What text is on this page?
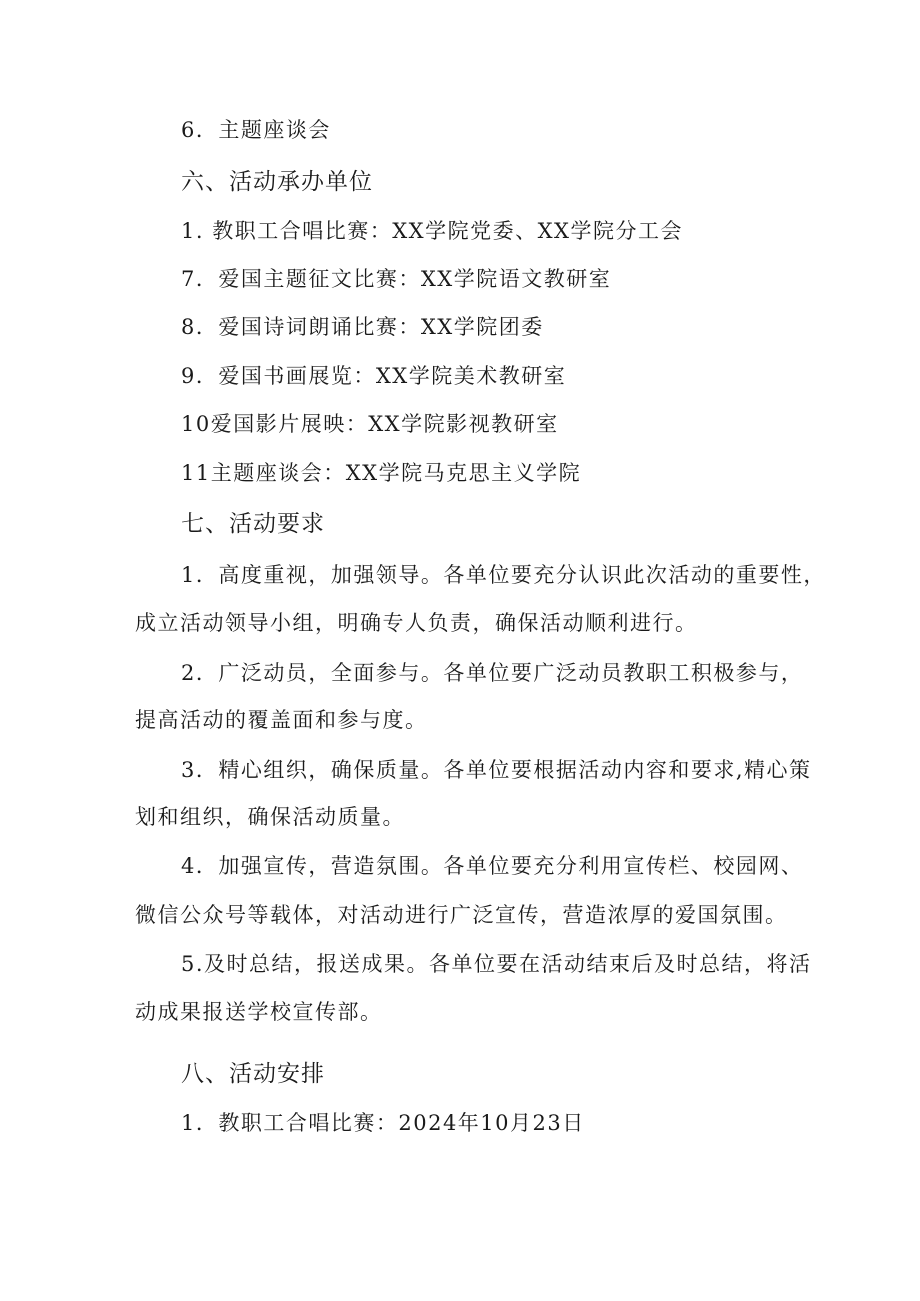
6．主题座谈会
六、活动承办单位
1. 教职工合唱比赛：XX学院党委、XX学院分工会
7．爱国主题征文比赛：XX学院语文教研室
8．爱国诗词朗诵比赛：XX学院团委
9．爱国书画展览：XX学院美术教研室
10爱国影片展映：XX学院影视教研室
11主题座谈会：XX学院马克思主义学院
七、活动要求
1．高度重视，加强领导。各单位要充分认识此次活动的重要性，
成立活动领导小组，明确专人负责，确保活动顺利进行。
2．广泛动员，全面参与。各单位要广泛动员教职工积极参与，
提高活动的覆盖面和参与度。
3．精心组织，确保质量。各单位要根据活动内容和要求,精心策
划和组织，确保活动质量。
4．加强宣传，营造氛围。各单位要充分利用宣传栏、校园网、
微信公众号等载体，对活动进行广泛宣传，营造浓厚的爱国氛围。
5.及时总结，报送成果。各单位要在活动结束后及时总结，将活
动成果报送学校宣传部。
八、活动安排
1．教职工合唱比赛：2024年10月23日
